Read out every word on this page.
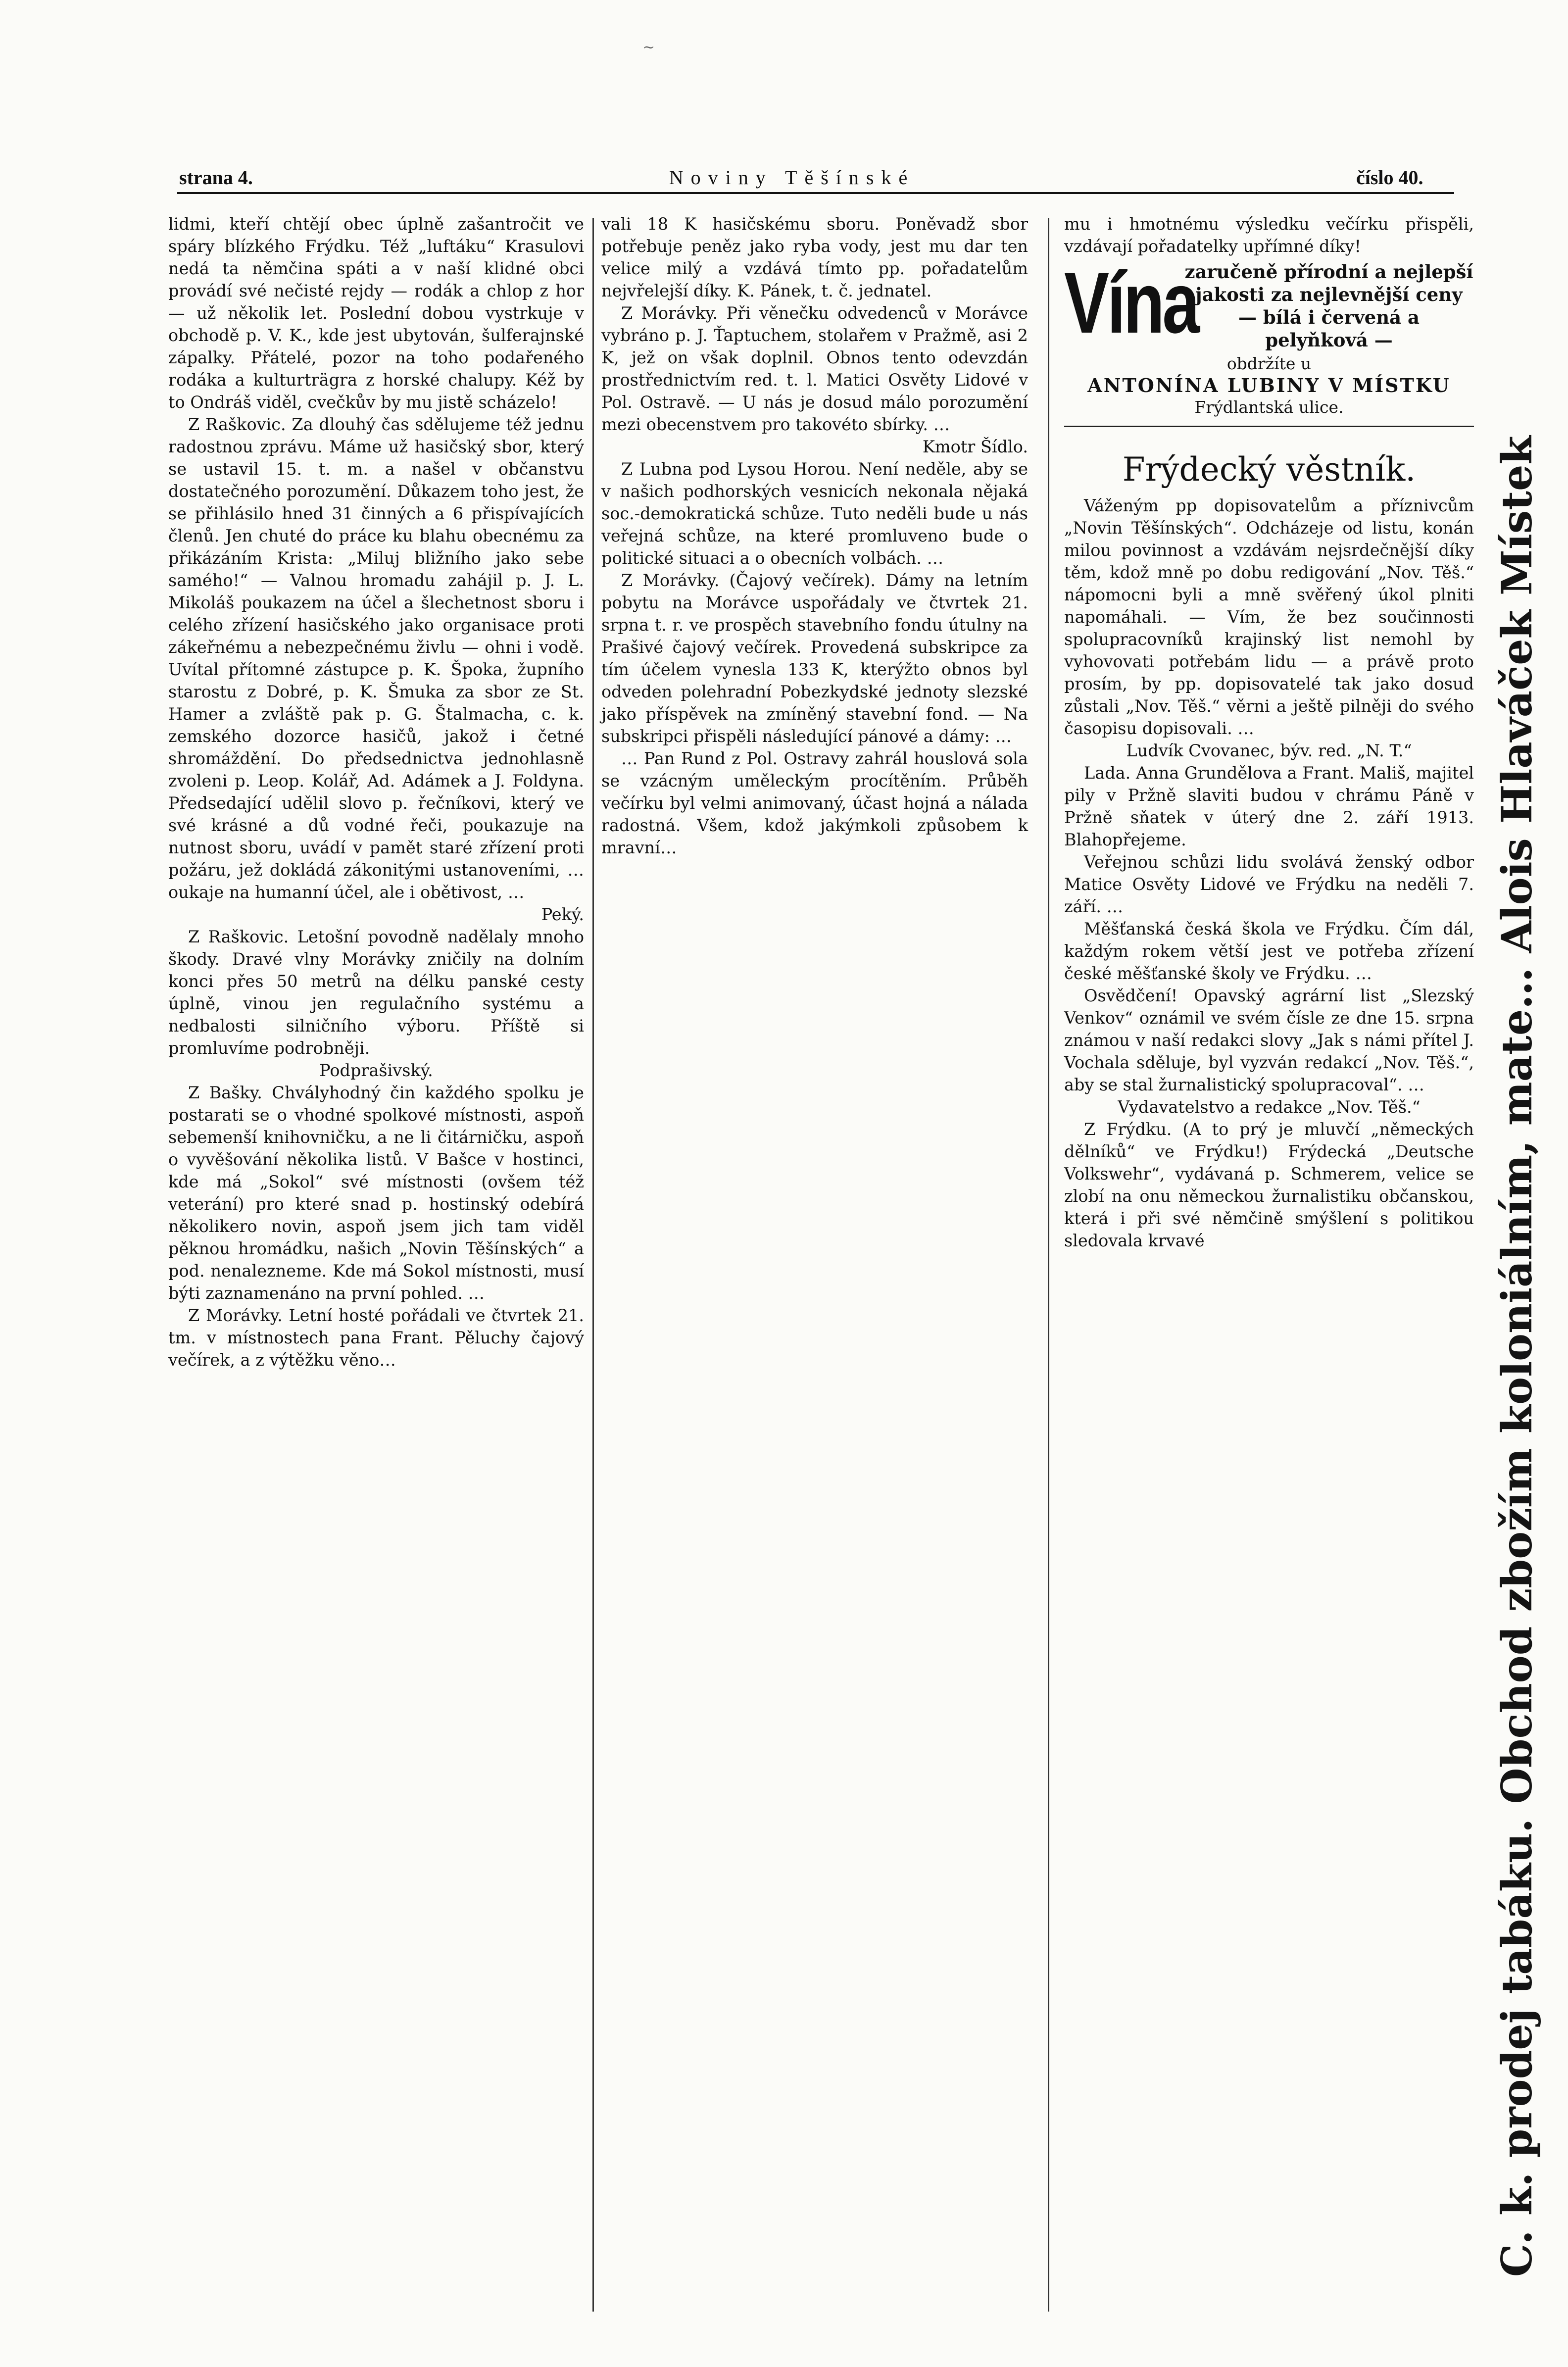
~
strana 4.	Noviny Těšínské	číslo 40.

lidmi, kteří chtějí obec úplně zašantročit ve spáry blízkého Frýdku. Též „luftáku“ Krasulovi nedá ta němčina spáti a v naší klidné obci provádí své nečisté rejdy — rodák a chlop z hor — už několik let. Poslední dobou vystrkuje v obchodě p. V. K., kde jest ubytován, šulferajnské zápalky. Přátelé, pozor na toho podařeného rodáka a kulturträgra z horské chalupy. Kéž by to Ondráš viděl, cvečkův by mu jistě scházelo!

Z Raškovic. Za dlouhý čas sdělujeme též jednu radostnou zprávu. Máme už hasičský sbor, který se ustavil 15. t. m. a našel v občanstvu dostatečného porozumění. Důkazem toho jest, že se přihlásilo hned 31 činných a 6 přispívajících členů. Jen chuté do práce ku blahu obecnému za přikázáním Krista: „Miluj bližního jako sebe samého!“ — Valnou hromadu zahájil p. J. L. Mikoláš poukazem na účel a šlechetnost sboru i celého zřízení hasičského jako organisace proti zákeřnému a nebezpečnému živlu — ohni i vodě. Uvítal přítomné zástupce p. K. Špoka, župního starostu z Dobré, p. K. Šmuka za sbor ze St. Hamer a zvláště pak p. G. Štalmacha, c. k. zemského dozorce hasičů, jakož i četné shromáždění. Do předsednictva jednohlasně zvoleni p. Leop. Kolář, Ad. Adámek a J. Foldyna. Předsedající udělil slovo p. řečníkovi, který ve své krásné a dů vodné řeči, poukazuje na nutnost sboru, uvádí v pamět staré zřízení proti požáru, jež dokládá zákonitými ustanoveními, … oukaje na humanní účel, ale i obětivost, …

Peký.

Z Raškovic. Letošní povodně nadělaly mnoho škody. Dravé vlny Morávky zničily na dolním konci přes 50 metrů na délku panské cesty úplně, vinou jen regulačního systému a nedbalosti silničního výboru. Příště si promluvíme podrobněji.

Podprašivský.

Z Bašky. Chvályhodný čin každého spolku je postarati se o vhodné spolkové místnosti, aspoň sebemenší knihovničku, a ne li čitárničku, aspoň o vyvěšování několika listů. V Bašce v hostinci, kde má „Sokol“ své místnosti (ovšem též veterání) pro které snad p. hostinský odebírá několikero novin, aspoň jsem jich tam viděl pěknou hromádku, našich „Novin Těšínských“ a pod. nenalezneme. Kde má Sokol místnosti, musí býti zaznamenáno na první pohled. …

Z Morávky. Letní hosté pořádali ve čtvrtek 21. tm. v místnostech pana Frant. Pěluchy čajový večírek, a z výtěžku věno…

vali 18 K hasičskému sboru. Poněvadž sbor potřebuje peněz jako ryba vody, jest mu dar ten velice milý a vzdává tímto pp. pořadatelům nejvřelejší díky. K. Pánek, t. č. jednatel.

Z Morávky. Při věnečku odvedenců v Morávce vybráno p. J. Ťaptuchem, stolařem v Pražmě, asi 2 K, jež on však doplnil. Obnos tento odevzdán prostřednictvím red. t. l. Matici Osvěty Lidové v Pol. Ostravě. — U nás je dosud málo porozumění mezi obecenstvem pro takovéto sbírky. …

Kmotr Šídlo.

Z Lubna pod Lysou Horou. Není neděle, aby se v našich podhorských vesnicích nekonala nějaká soc.-demokratická schůze. Tuto neděli bude u nás veřejná schůze, na které promluveno bude o politické situaci a o obecních volbách. …

Z Morávky. (Čajový večírek). Dámy na letním pobytu na Morávce uspořádaly ve čtvrtek 21. srpna t. r. ve prospěch stavebního fondu útulny na Prašivé čajový večírek. Provedená subskripce za tím účelem vynesla 133 K, kterýžto obnos byl odveden polehradní Pobezkydské jednoty slezské jako příspěvek na zmíněný stavební fond. — Na subskripci přispěli následující pánové a dámy: …

… Pan Rund z Pol. Ostravy zahrál houslová sola se vzácným uměleckým procítěním. Průběh večírku byl velmi animovaný, účast hojná a nálada radostná. Všem, kdož jakýmkoli způsobem k mravní…

mu i hmotnému výsledku večírku přispěli, vzdávají pořadatelky upřímné díky!

Vína
zaručeně přírodní a nejlepší jakosti za nejlevnější ceny — bílá i červená a pelyňková —
obdržíte u
ANTONÍNA LUBINY V MÍSTKU
Frýdlantská ulice.
Frýdecký věstník.

Váženým pp dopisovatelům a příznivcům „Novin Těšínských“. Odcházeje od listu, konán milou povinnost a vzdávám nejsrdečnější díky těm, kdož mně po dobu redigování „Nov. Těš.“ nápomocni byli a mně svěřený úkol plniti napomáhali. — Vím, že bez součinnosti spolupracovníků krajinský list nemohl by vyhovovati potřebám lidu — a právě proto prosím, by pp. dopisovatelé tak jako dosud zůstali „Nov. Těš.“ věrni a ještě pilněji do svého časopisu dopisovali. …

Ludvík Cvovanec, býv. red. „N. T.“

Lada. Anna Grundělova a Frant. Mališ, majitel pily v Pržně slaviti budou v chrámu Páně v Pržně sňatek v úterý dne 2. září 1913. Blahopřejeme.

Veřejnou schůzi lidu svolává ženský odbor Matice Osvěty Lidové ve Frýdku na neděli 7. září. …

Měšťanská česká škola ve Frýdku. Čím dál, každým rokem větší jest ve potřeba zřízení české měšťanské školy ve Frýdku. …

Osvědčení! Opavský agrární list „Slezský Venkov“ oznámil ve svém čísle ze dne 15. srpna známou v naší redakci slovy „Jak s námi přítel J. Vochala sděluje, byl vyzván redakcí „Nov. Těš.“, aby se stal žurnalistický spolupracoval“. …

Vydavatelstvo a redakce „Nov. Těš.“

Z Frýdku. (A to prý je mluvčí „německých dělníků“ ve Frýdku!) Frýdecká „Deutsche Volkswehr“, vydávaná p. Schmerem, velice se zlobí na onu německou žurnalistiku občanskou, která i při své němčině smýšlení s politikou sledovala krvavé	C. k. prodej tabáku. Obchod zbožím koloniálním, mate… Alois Hlaváček Místek
